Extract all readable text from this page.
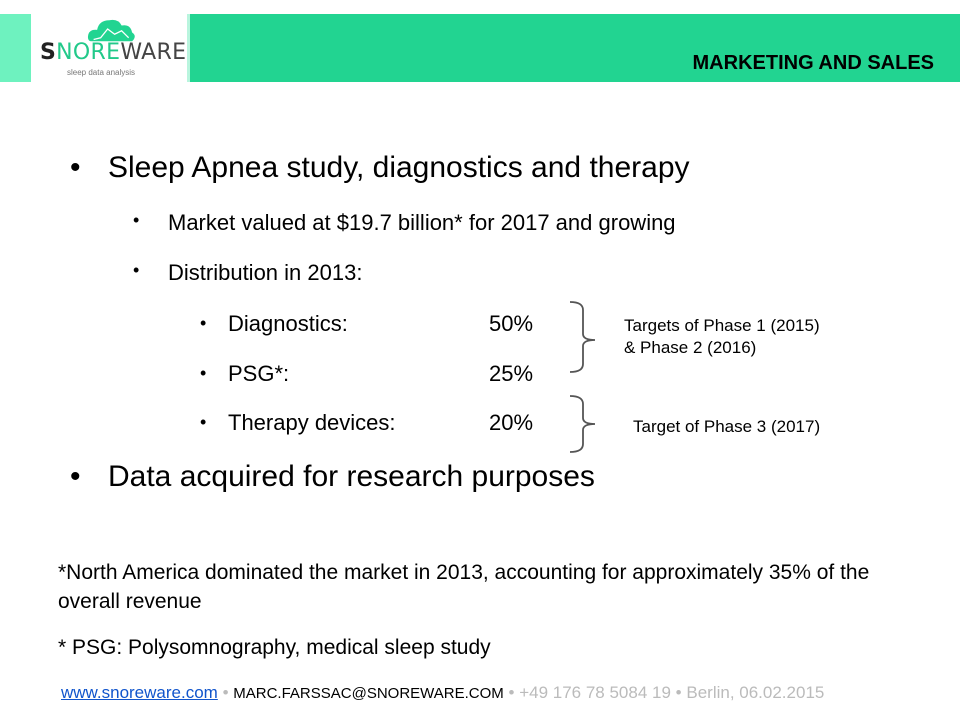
SNOREWARE
sleep data analysis	MARKETING AND SALES
Sleep Apnea study, diagnostics and therapy
•
Market valued at $19.7 billion* for 2017 and growing
•
Distribution in 2013:
•
• Diagnostics:	50%
• PSG*:	25%
• Therapy devices:	20%
Targets of Phase 1 (2015)
& Phase 2 (2016)
Target of Phase 3 (2017)
• Data acquired for research purposes
*North America dominated the market in 2013, accounting for approximately 35% of the overall revenue
* PSG: Polysomnography, medical sleep study
www.snoreware.com • MARC.FARSSAC@SNOREWARE.COM • +49 176 78 5084 19 • Berlin, 06.02.2015
